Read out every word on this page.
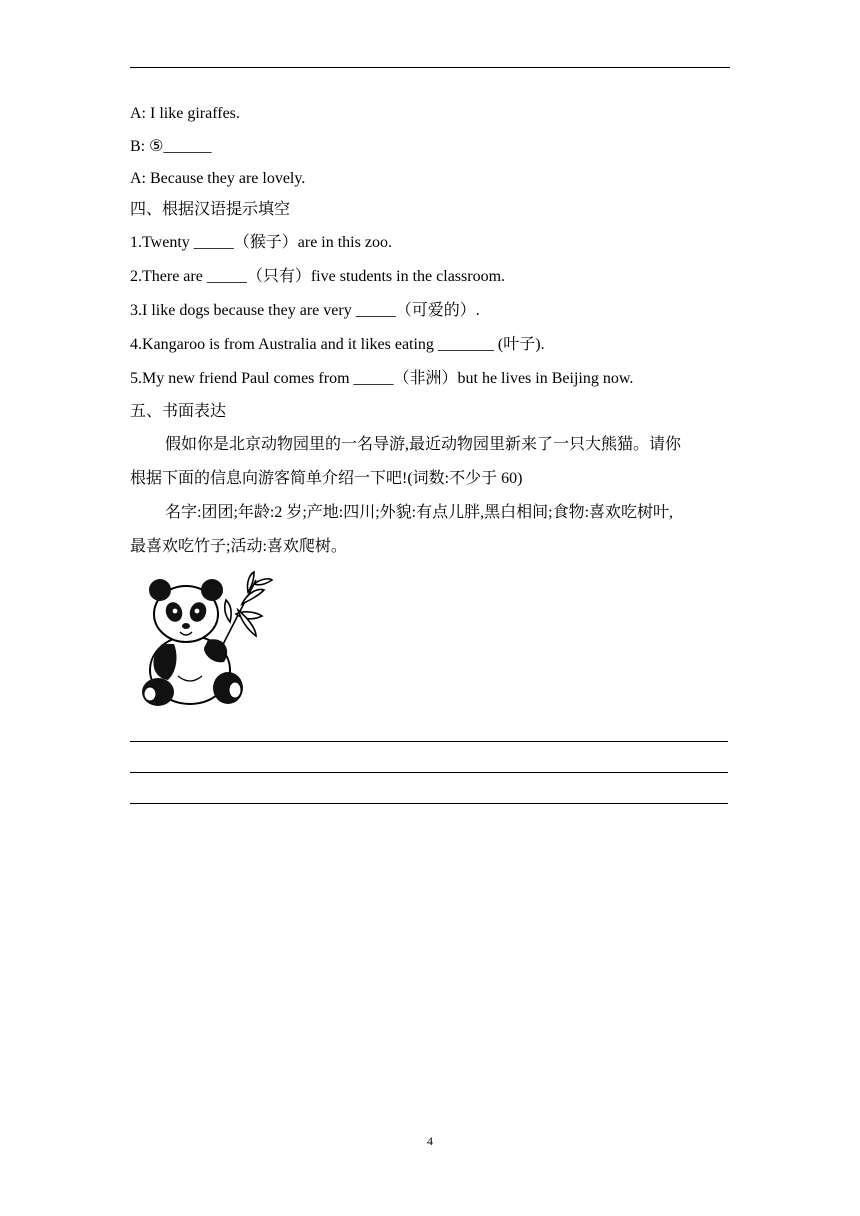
A: I like giraffes.
B: ⑤______
A: Because they are lovely.
四、根据汉语提示填空
1.Twenty _____（猴子）are in this zoo.
2.There are _____（只有）five students in the classroom.
3.I like dogs because they are very _____（可爱的）.
4.Kangaroo is from Australia and it likes eating _______ (叶子).
5.My new friend Paul comes from _____（非洲）but he lives in Beijing now.
五、书面表达
假如你是北京动物园里的一名导游,最近动物园里新来了一只大熊猫。请你
根据下面的信息向游客简单介绍一下吧!(词数:不少于 60)
名字:团团;年龄:2 岁;产地:四川;外貌:有点儿胖,黑白相间;食物:喜欢吃树叶,
最喜欢吃竹子;活动:喜欢爬树。
4
